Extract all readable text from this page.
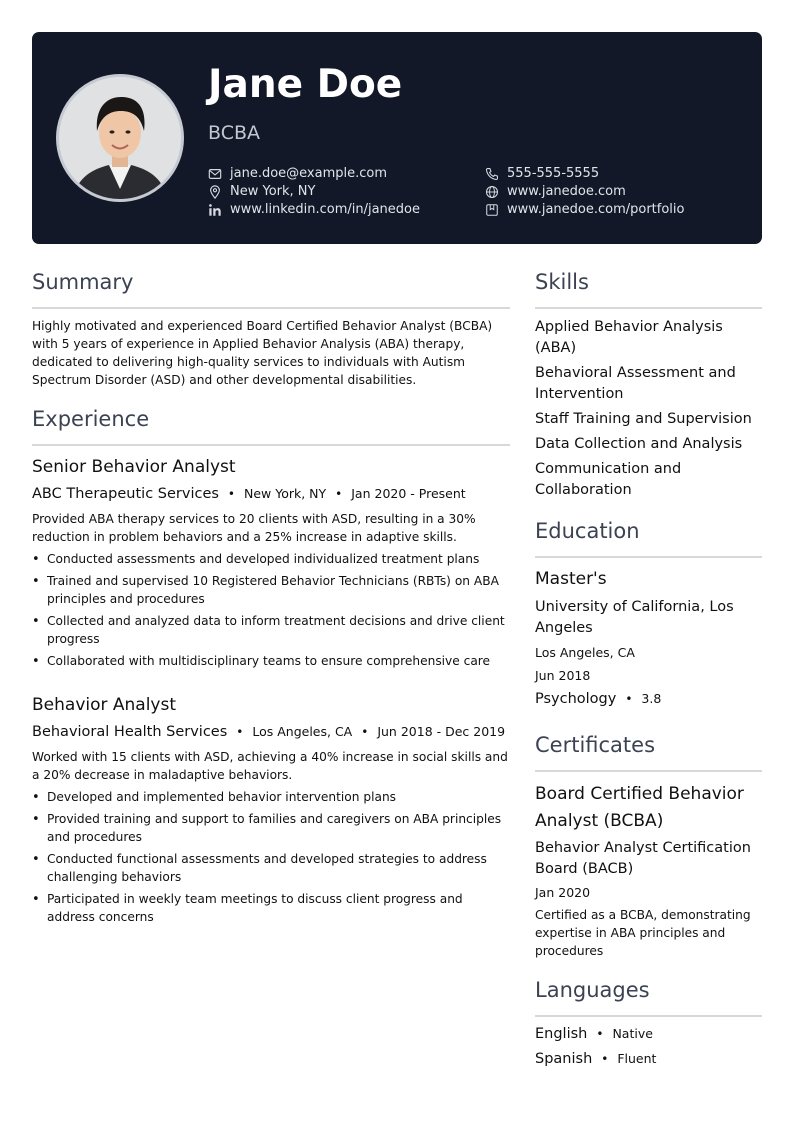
Jane Doe
BCBA
jane.doe@example.com
New York, NY
www.linkedin.com/in/janedoe
555-555-5555
www.janedoe.com
www.janedoe.com/portfolio
Summary
Highly motivated and experienced Board Certified Behavior Analyst (BCBA) with 5 years of experience in Applied Behavior Analysis (ABA) therapy, dedicated to delivering high-quality services to individuals with Autism Spectrum Disorder (ASD) and other developmental disabilities.
Experience
Senior Behavior Analyst
ABC Therapeutic Services • New York, NY • Jan 2020 - Present
Provided ABA therapy services to 20 clients with ASD, resulting in a 30% reduction in problem behaviors and a 25% increase in adaptive skills.
• Conducted assessments and developed individualized treatment plans
• Trained and supervised 10 Registered Behavior Technicians (RBTs) on ABA principles and procedures
• Collected and analyzed data to inform treatment decisions and drive client progress
• Collaborated with multidisciplinary teams to ensure comprehensive care
Behavior Analyst
Behavioral Health Services • Los Angeles, CA • Jun 2018 - Dec 2019
Worked with 15 clients with ASD, achieving a 40% increase in social skills and a 20% decrease in maladaptive behaviors.
• Developed and implemented behavior intervention plans
• Provided training and support to families and caregivers on ABA principles and procedures
• Conducted functional assessments and developed strategies to address challenging behaviors
• Participated in weekly team meetings to discuss client progress and address concerns
Skills
Applied Behavior Analysis (ABA)
Behavioral Assessment and Intervention
Staff Training and Supervision
Data Collection and Analysis
Communication and Collaboration
Education
Master's
University of California, Los Angeles
Los Angeles, CA
Jun 2018
Psychology • 3.8
Certificates
Board Certified Behavior Analyst (BCBA)
Behavior Analyst Certification Board (BACB)
Jan 2020
Certified as a BCBA, demonstrating expertise in ABA principles and procedures
Languages
English • Native
Spanish • Fluent
